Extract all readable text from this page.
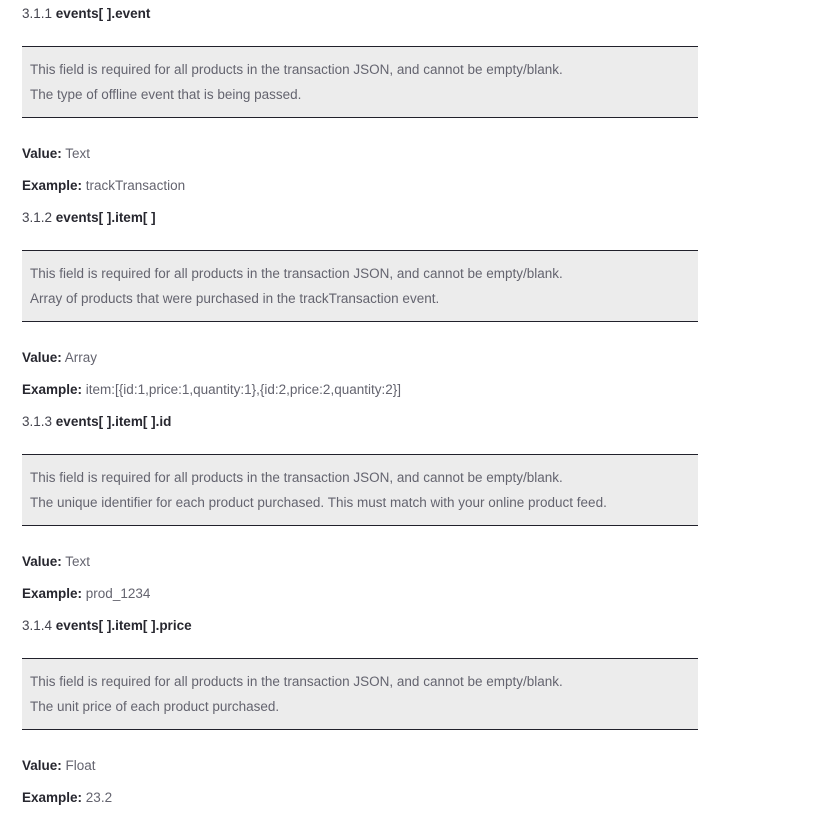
3.1.1 events[ ].event

This field is required for all products in the transaction JSON, and cannot be empty/blank.

The type of offline event that is being passed.

Value: Text

Example: trackTransaction

3.1.2 events[ ].item[ ]

This field is required for all products in the transaction JSON, and cannot be empty/blank.

Array of products that were purchased in the trackTransaction event.

Value: Array

Example: item:[{id:1,price:1,quantity:1},{id:2,price:2,quantity:2}]

3.1.3 events[ ].item[ ].id

This field is required for all products in the transaction JSON, and cannot be empty/blank.

The unique identifier for each product purchased. This must match with your online product feed.

Value: Text

Example: prod_1234

3.1.4 events[ ].item[ ].price

This field is required for all products in the transaction JSON, and cannot be empty/blank.

The unit price of each product purchased.

Value: Float

Example: 23.2
